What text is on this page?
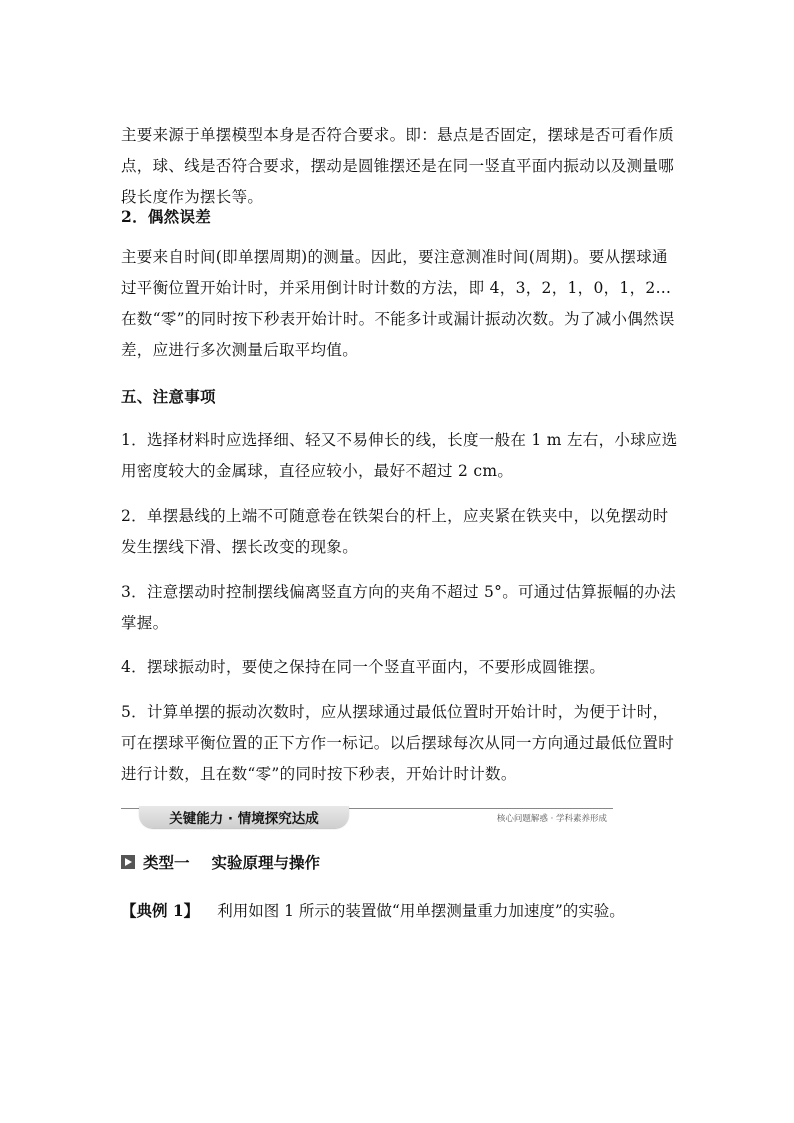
主要来源于单摆模型本身是否符合要求。即：悬点是否固定，摆球是否可看作质点，球、线是否符合要求，摆动是圆锥摆还是在同一竖直平面内振动以及测量哪段长度作为摆长等。

2．偶然误差

主要来自时间(即单摆周期)的测量。因此，要注意测准时间(周期)。要从摆球通过平衡位置开始计时，并采用倒计时计数的方法，即 4，3，2，1，0，1，2…在数“零”的同时按下秒表开始计时。不能多计或漏计振动次数。为了减小偶然误差，应进行多次测量后取平均值。

五、注意事项

1．选择材料时应选择细、轻又不易伸长的线，长度一般在 1 m 左右，小球应选用密度较大的金属球，直径应较小，最好不超过 2 cm。

2．单摆悬线的上端不可随意卷在铁架台的杆上，应夹紧在铁夹中，以免摆动时发生摆线下滑、摆长改变的现象。

3．注意摆动时控制摆线偏离竖直方向的夹角不超过 5°。可通过估算振幅的办法掌握。

4．摆球振动时，要使之保持在同一个竖直平面内，不要形成圆锥摆。

5．计算单摆的振动次数时，应从摆球通过最低位置时开始计时，为便于计时，可在摆球平衡位置的正下方作一标记。以后摆球每次从同一方向通过最低位置时进行计数，且在数“零”的同时按下秒表，开始计时计数。

关键能力 · 情境探究达成	核心问题解惑 · 学科素养形成
类型一 实验原理与操作
【典例 1】 利用如图 1 所示的装置做“用单摆测量重力加速度”的实验。
